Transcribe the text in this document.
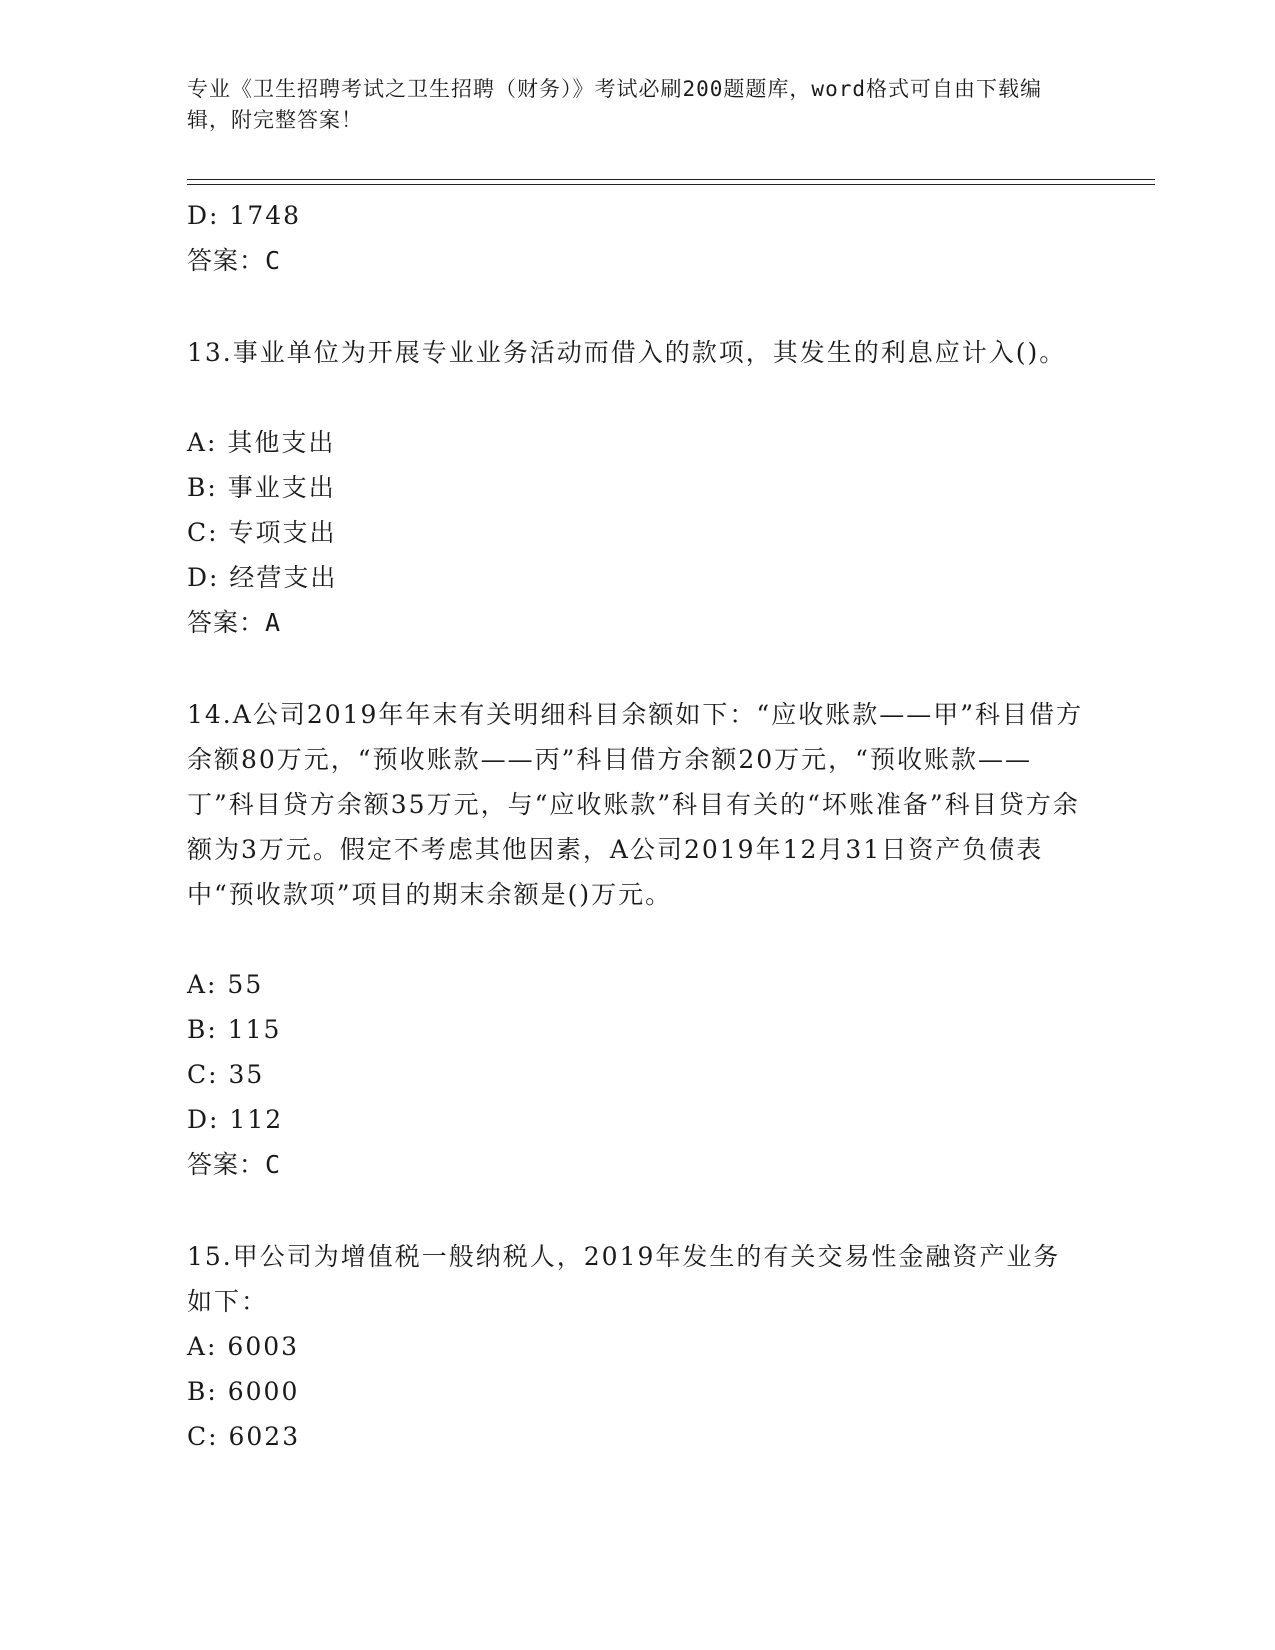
专业《卫生招聘考试之卫生招聘（财务）》考试必刷200题题库，word格式可自由下载编辑，附完整答案！
D: 1748
答案：C
13.事业单位为开展专业业务活动而借入的款项，其发生的利息应计入()。
A: 其他支出
B: 事业支出
C: 专项支出
D: 经营支出
答案：A
14.A公司2019年年末有关明细科目余额如下：“应收账款——甲”科目借方余额80万元，“预收账款——丙”科目借方余额20万元，“预收账款——丁”科目贷方余额35万元，与“应收账款”科目有关的“坏账准备”科目贷方余额为3万元。假定不考虑其他因素，A公司2019年12月31日资产负债表中“预收款项”项目的期末余额是()万元。
A: 55
B: 115
C: 35
D: 112
答案：C
15.甲公司为增值税一般纳税人，2019年发生的有关交易性金融资产业务如下：
A: 6003
B: 6000
C: 6023
